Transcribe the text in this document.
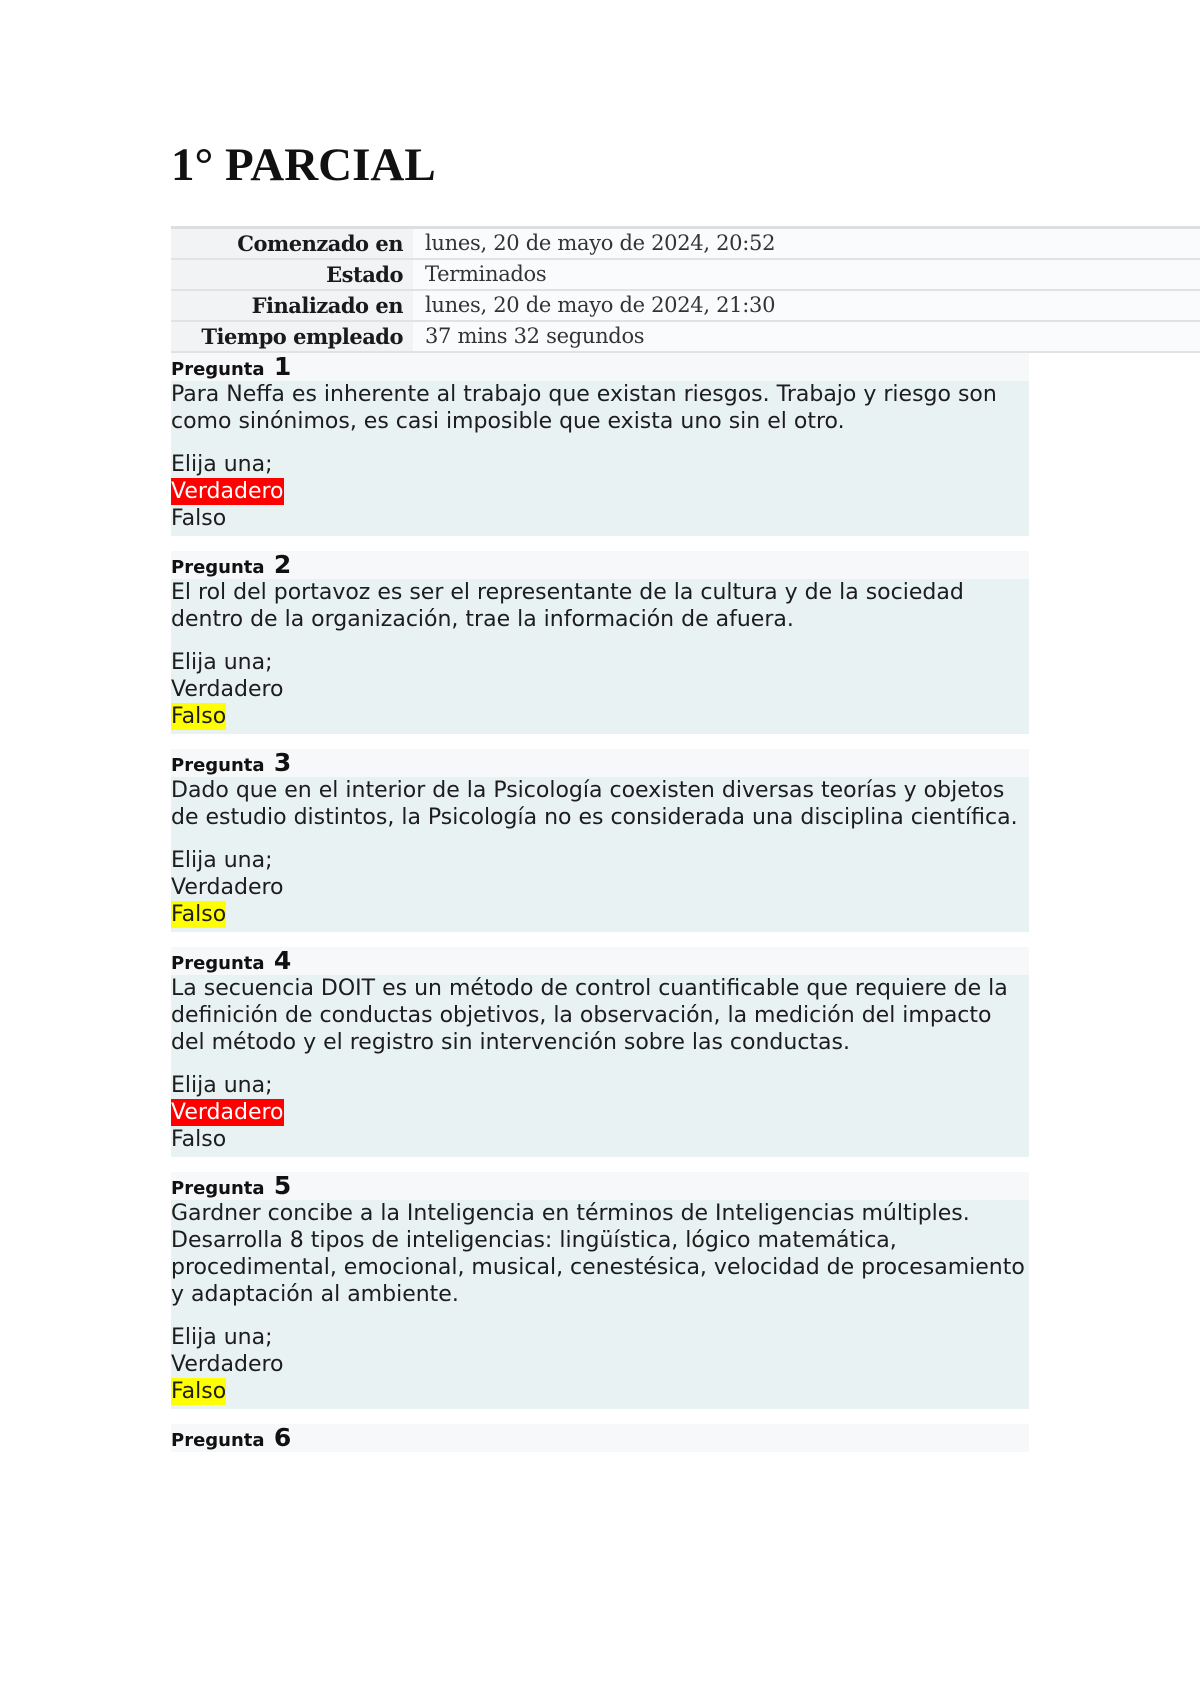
1° PARCIAL
Comenzado en	lunes, 20 de mayo de 2024, 20:52
Estado	Terminados
Finalizado en	lunes, 20 de mayo de 2024, 21:30
Tiempo empleado	37 mins 32 segundos
Pregunta 1

Para Neffa es inherente al trabajo que existan riesgos. Trabajo y riesgo son como sinónimos, es casi imposible que exista uno sin el otro.

Elija una;

Verdadero
Falso
Pregunta 2

El rol del portavoz es ser el representante de la cultura y de la sociedad dentro de la organización, trae la información de afuera.

Elija una;

Verdadero
Falso
Pregunta 3

Dado que en el interior de la Psicología coexisten diversas teorías y objetos de estudio distintos, la Psicología no es considerada una disciplina científica.

Elija una;

Verdadero
Falso
Pregunta 4

La secuencia DOIT es un método de control cuantificable que requiere de la definición de conductas objetivos, la observación, la medición del impacto del método y el registro sin intervención sobre las conductas.

Elija una;

Verdadero
Falso
Pregunta 5

Gardner concibe a la Inteligencia en términos de Inteligencias múltiples. Desarrolla 8 tipos de inteligencias: lingüística, lógico matemática, procedimental, emocional, musical, cenestésica, velocidad de procesamiento y adaptación al ambiente.

Elija una;

Verdadero
Falso
Pregunta 6
